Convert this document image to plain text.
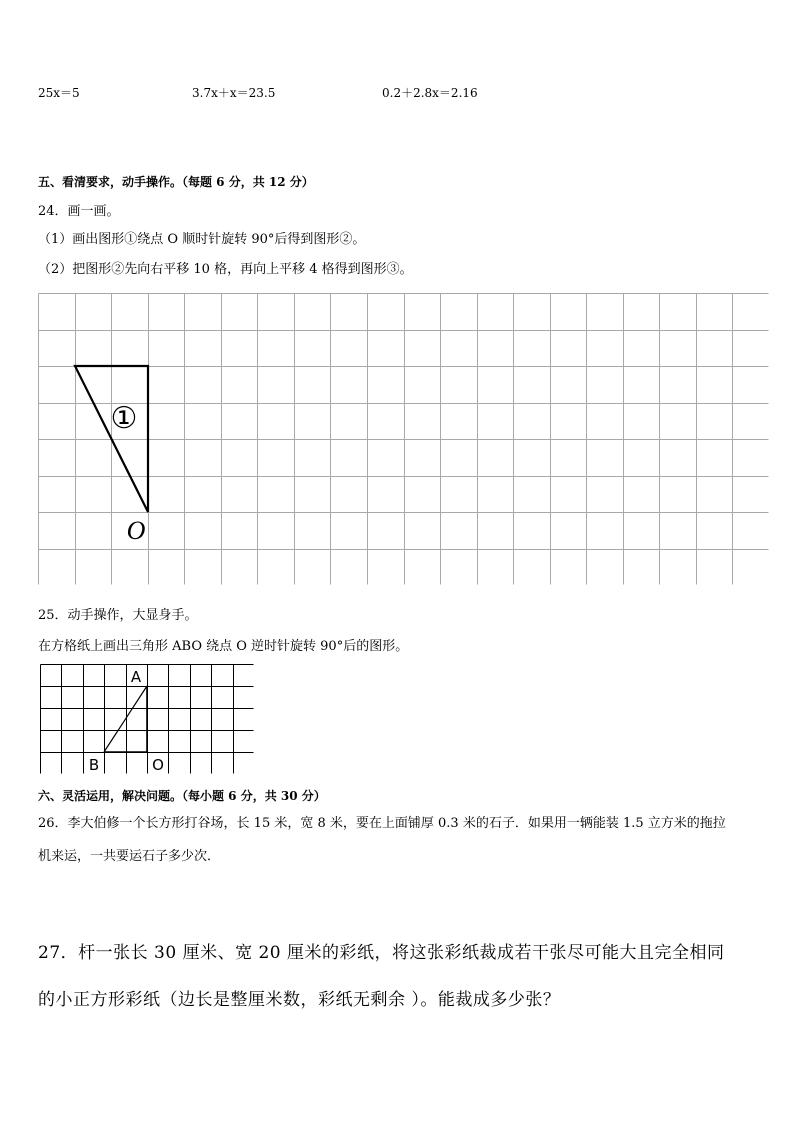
25x＝5	3.7x＋x＝23.5	0.2＋2.8x＝2.16
五、看清要求，动手操作。（每题 6 分，共 12 分）
24．画一画。
（1）画出图形①绕点 O 顺时针旋转 90°后得到图形②。
（2）把图形②先向右平移 10 格，再向上平移 4 格得到图形③。
①
O
25．动手操作，大显身手。
在方格纸上画出三角形 ABO 绕点 O 逆时针旋转 90°后的图形。
A
B	O
六、灵活运用，解决问题。（每小题 6 分，共 30 分）
26．李大伯修一个长方形打谷场，长 15 米，宽 8 米，要在上面铺厚 0.3 米的石子．如果用一辆能装 1.5 立方米的拖拉
机来运，一共要运石子多少次．
27．杆一张长 30 厘米、宽 20 厘米的彩纸，将这张彩纸裁成若干张尽可能大且完全相同
的小正方形彩纸（边长是整厘米数，彩纸无剩余 ）。能裁成多少张？
